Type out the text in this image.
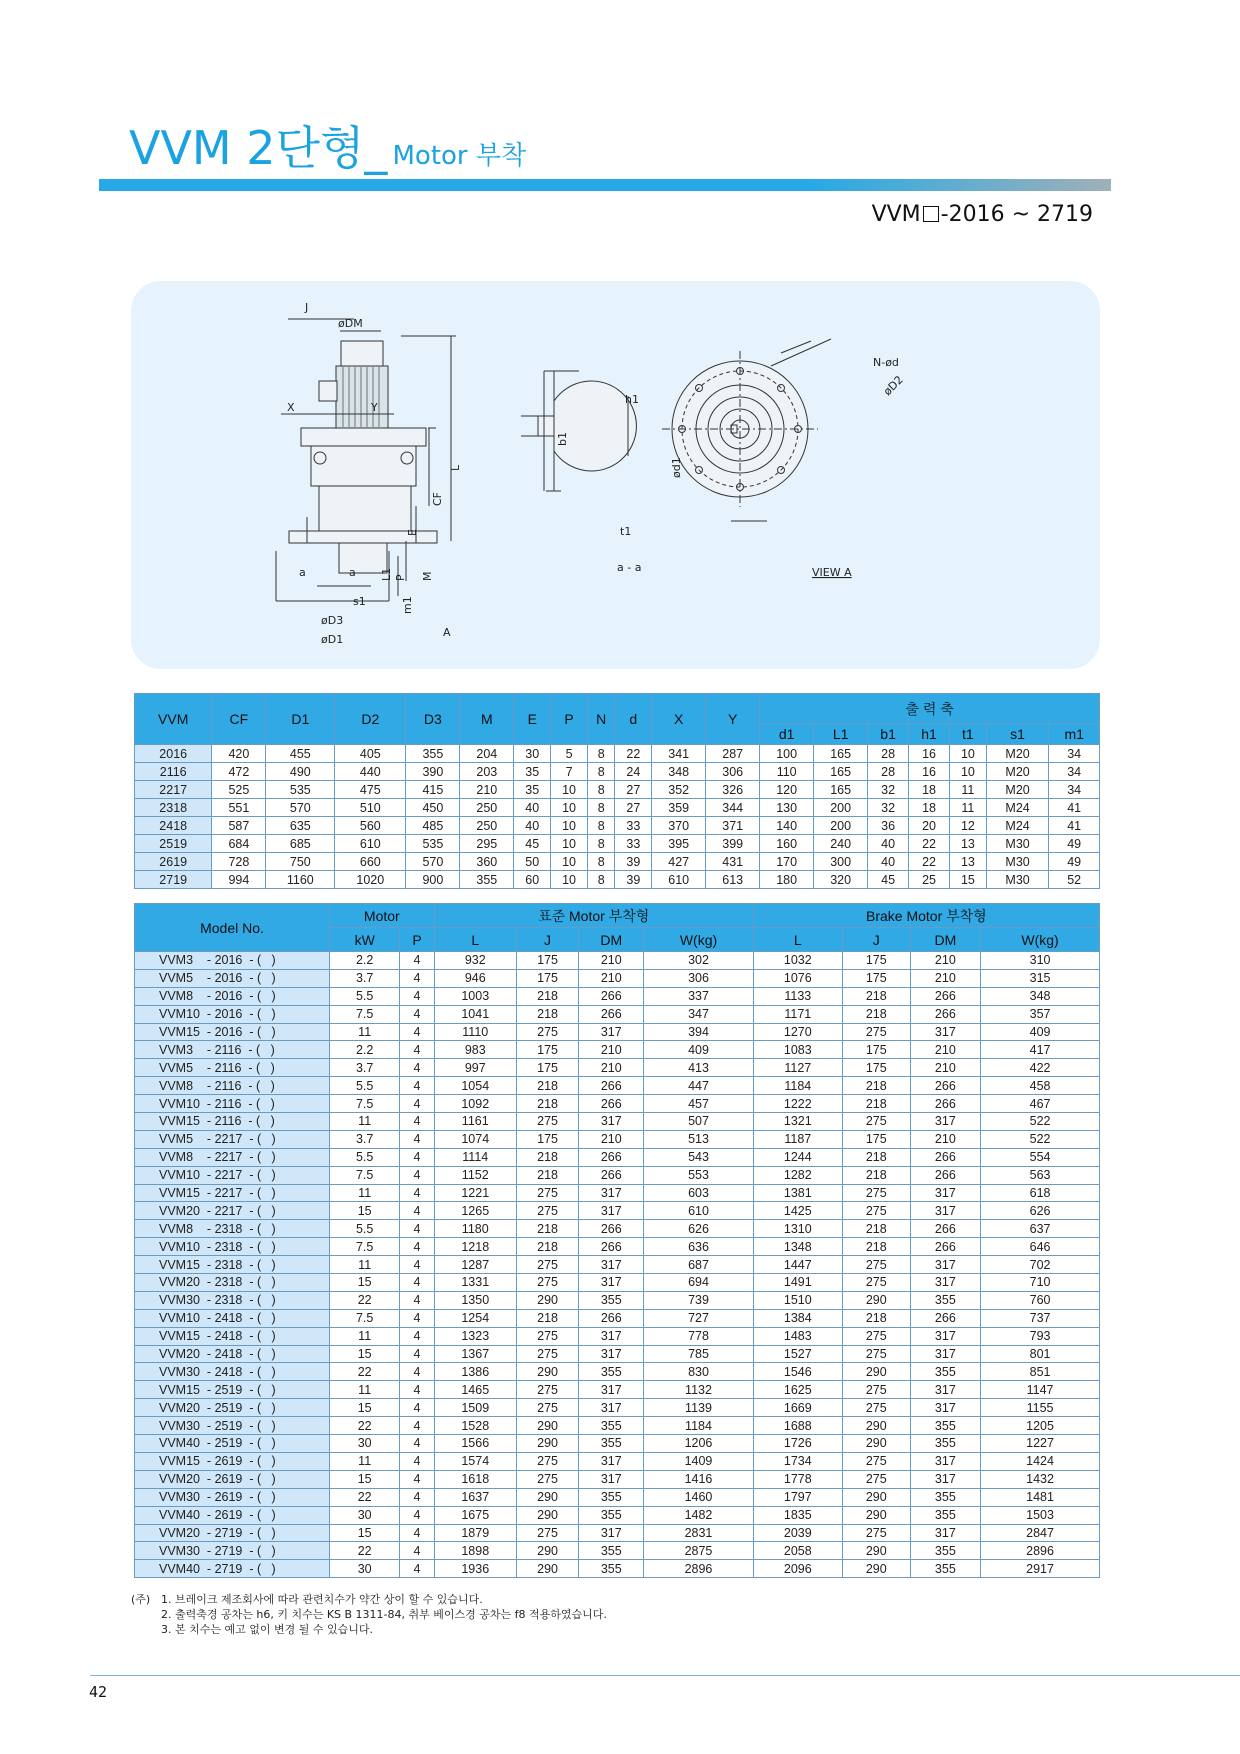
VVM 2단형_ Motor 부착
VVM -2016 ~ 2719
J
øDM
X	Y
L
CF
E
P M
L1
a	a
s1	m1
øD3
øD1
A
h1
b1
ød1
t1
a - a
N-ød
øD2
VIEW A
VVM	CF	D1	D2	D3	M	E	P	N	d	X	Y	출 력 축						
												d1	L1	b1	h1	t1	s1	m1
2016	420	455	405	355	204	30	5	8	22	341	287	100	165	28	16	10	M20	34
2116	472	490	440	390	203	35	7	8	24	348	306	110	165	28	16	10	M20	34
2217	525	535	475	415	210	35	10	8	27	352	326	120	165	32	18	11	M20	34
2318	551	570	510	450	250	40	10	8	27	359	344	130	200	32	18	11	M24	41
2418	587	635	560	485	250	40	10	8	33	370	371	140	200	36	20	12	M24	41
2519	684	685	610	535	295	45	10	8	33	395	399	160	240	40	22	13	M30	49
2619	728	750	660	570	360	50	10	8	39	427	431	170	300	40	22	13	M30	49
2719	994	1160	1020	900	355	60	10	8	39	610	613	180	320	45	25	15	M30	52
Model No.	Motor		표준 Motor 부착형				Brake Motor 부착형			
	kW	P	L	J	DM	W(kg)	L	J	DM	W(kg)
VVM3    - 2016  - (   )	2.2	4	932	175	210	302	1032	175	210	310
VVM5    - 2016  - (   )	3.7	4	946	175	210	306	1076	175	210	315
VVM8    - 2016  - (   )	5.5	4	1003	218	266	337	1133	218	266	348
VVM10  - 2016  - (   )	7.5	4	1041	218	266	347	1171	218	266	357
VVM15  - 2016  - (   )	11	4	1110	275	317	394	1270	275	317	409
VVM3    - 2116  - (   )	2.2	4	983	175	210	409	1083	175	210	417
VVM5    - 2116  - (   )	3.7	4	997	175	210	413	1127	175	210	422
VVM8    - 2116  - (   )	5.5	4	1054	218	266	447	1184	218	266	458
VVM10  - 2116  - (   )	7.5	4	1092	218	266	457	1222	218	266	467
VVM15  - 2116  - (   )	11	4	1161	275	317	507	1321	275	317	522
VVM5    - 2217  - (   )	3.7	4	1074	175	210	513	1187	175	210	522
VVM8    - 2217  - (   )	5.5	4	1114	218	266	543	1244	218	266	554
VVM10  - 2217  - (   )	7.5	4	1152	218	266	553	1282	218	266	563
VVM15  - 2217  - (   )	11	4	1221	275	317	603	1381	275	317	618
VVM20  - 2217  - (   )	15	4	1265	275	317	610	1425	275	317	626
VVM8    - 2318  - (   )	5.5	4	1180	218	266	626	1310	218	266	637
VVM10  - 2318  - (   )	7.5	4	1218	218	266	636	1348	218	266	646
VVM15  - 2318  - (   )	11	4	1287	275	317	687	1447	275	317	702
VVM20  - 2318  - (   )	15	4	1331	275	317	694	1491	275	317	710
VVM30  - 2318  - (   )	22	4	1350	290	355	739	1510	290	355	760
VVM10  - 2418  - (   )	7.5	4	1254	218	266	727	1384	218	266	737
VVM15  - 2418  - (   )	11	4	1323	275	317	778	1483	275	317	793
VVM20  - 2418  - (   )	15	4	1367	275	317	785	1527	275	317	801
VVM30  - 2418  - (   )	22	4	1386	290	355	830	1546	290	355	851
VVM15  - 2519  - (   )	11	4	1465	275	317	1132	1625	275	317	1147
VVM20  - 2519  - (   )	15	4	1509	275	317	1139	1669	275	317	1155
VVM30  - 2519  - (   )	22	4	1528	290	355	1184	1688	290	355	1205
VVM40  - 2519  - (   )	30	4	1566	290	355	1206	1726	290	355	1227
VVM15  - 2619  - (   )	11	4	1574	275	317	1409	1734	275	317	1424
VVM20  - 2619  - (   )	15	4	1618	275	317	1416	1778	275	317	1432
VVM30  - 2619  - (   )	22	4	1637	290	355	1460	1797	290	355	1481
VVM40  - 2619  - (   )	30	4	1675	290	355	1482	1835	290	355	1503
VVM20  - 2719  - (   )	15	4	1879	275	317	2831	2039	275	317	2847
VVM30  - 2719  - (   )	22	4	1898	290	355	2875	2058	290	355	2896
VVM40  - 2719  - (   )	30	4	1936	290	355	2896	2096	290	355	2917
(주) 1. 브레이크 제조회사에 따라 관련치수가 약간 상이 할 수 있습니다.
2. 출력축경 공차는 h6, 키 치수는 KS B 1311-84, 취부 베이스경 공차는 f8 적용하였습니다.
3. 본 치수는 예고 없이 변경 될 수 있습니다.
42
